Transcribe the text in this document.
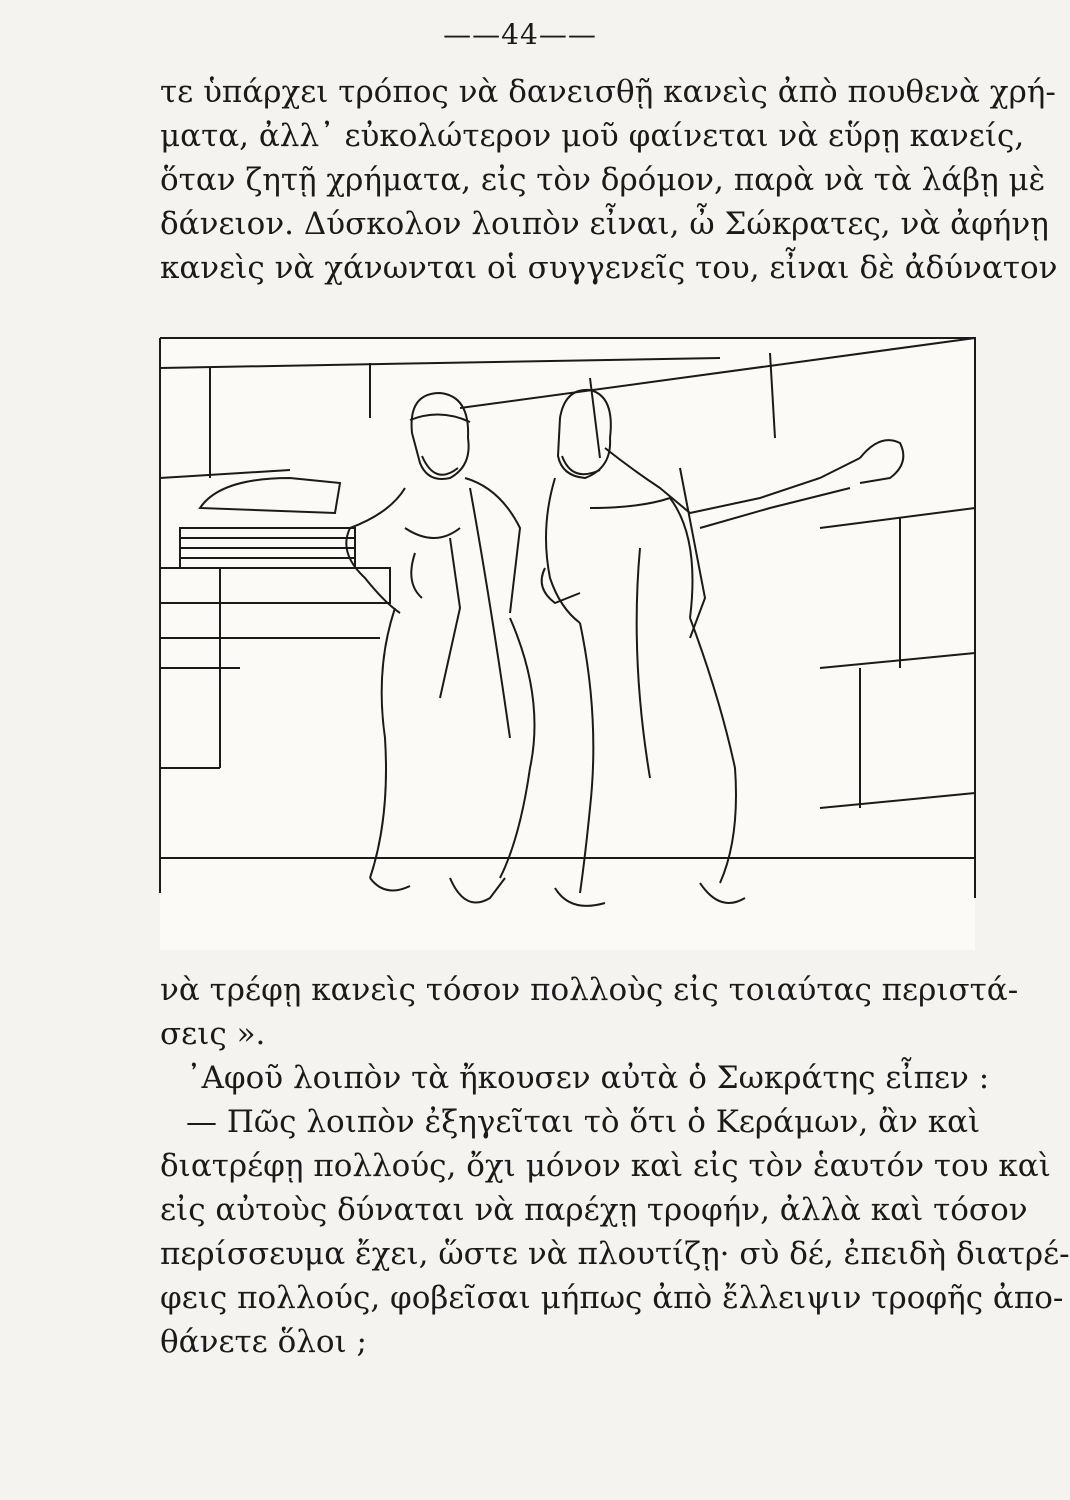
——44——
τε ὑπάρχει τρόπος νὰ δανεισθῇ κανεὶς ἀπὸ πουθενὰ χρή-
ματα, ἀλλ᾽ εὐκολώτερον μοῦ φαίνεται νὰ εὕρῃ κανείς,
ὅταν ζητῇ χρήματα, εἰς τὸν δρόμον, παρὰ νὰ τὰ λάβῃ μὲ
δάνειον. Δύσκολον λοιπὸν εἶναι, ὦ Σώκρατες, νὰ ἀφήνῃ
κανεὶς νὰ χάνωνται οἱ συγγενεῖς του, εἶναι δὲ ἀδύνατον
νὰ τρέφῃ κανεὶς τόσον πολλοὺς εἰς τοιαύτας περιστά-
σεις ».
᾽Αφοῦ λοιπὸν τὰ ἤκουσεν αὐτὰ ὁ Σωκράτης εἶπεν :
— Πῶς λοιπὸν ἐξηγεῖται τὸ ὅτι ὁ Κεράμων, ἂν καὶ
διατρέφῃ πολλούς, ὄχι μόνον καὶ εἰς τὸν ἑαυτόν του καὶ
εἰς αὐτοὺς δύναται νὰ παρέχῃ τροφήν, ἀλλὰ καὶ τόσον
περίσσευμα ἔχει, ὥστε νὰ πλουτίζῃ· σὺ δέ, ἐπειδὴ διατρέ-
φεις πολλούς, φοβεῖσαι μήπως ἀπὸ ἔλλειψιν τροφῆς ἀπο-
θάνετε ὅλοι ;
